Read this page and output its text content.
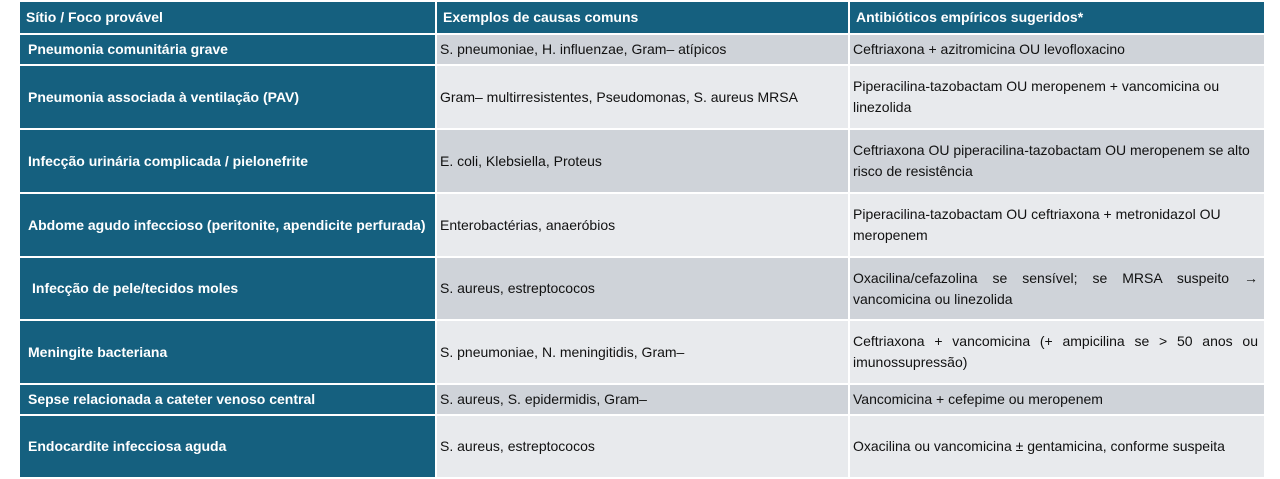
Sítio / Foco provável	Exemplos de causas comuns	Antibióticos empíricos sugeridos*
Pneumonia comunitária grave	S. pneumoniae, H. influenzae, Gram– atípicos	Ceftriaxona + azitromicina OU levofloxacino
Pneumonia associada à ventilação (PAV)	Gram– multirresistentes, Pseudomonas, S. aureus MRSA	Piperacilina-tazobactam OU meropenem + vancomicina ou linezolida
Infecção urinária complicada / pielonefrite	E. coli, Klebsiella, Proteus	Ceftriaxona OU piperacilina-tazobactam OU meropenem se alto risco de resistência
Abdome agudo infeccioso (peritonite, apendicite perfurada)	Enterobactérias, anaeróbios	Piperacilina-tazobactam OU ceftriaxona + metronidazol OU meropenem
Infecção de pele/tecidos moles	S. aureus, estreptococos	Oxacilina/cefazolina se sensível; se MRSA suspeito → vancomicina ou linezolida
Meningite bacteriana	S. pneumoniae, N. meningitidis, Gram–	Ceftriaxona + vancomicina (+ ampicilina se > 50 anos ou imunossupressão)
Sepse relacionada a cateter venoso central	S. aureus, S. epidermidis, Gram–	Vancomicina + cefepime ou meropenem
Endocardite infecciosa aguda	S. aureus, estreptococos	Oxacilina ou vancomicina ± gentamicina, conforme suspeita
